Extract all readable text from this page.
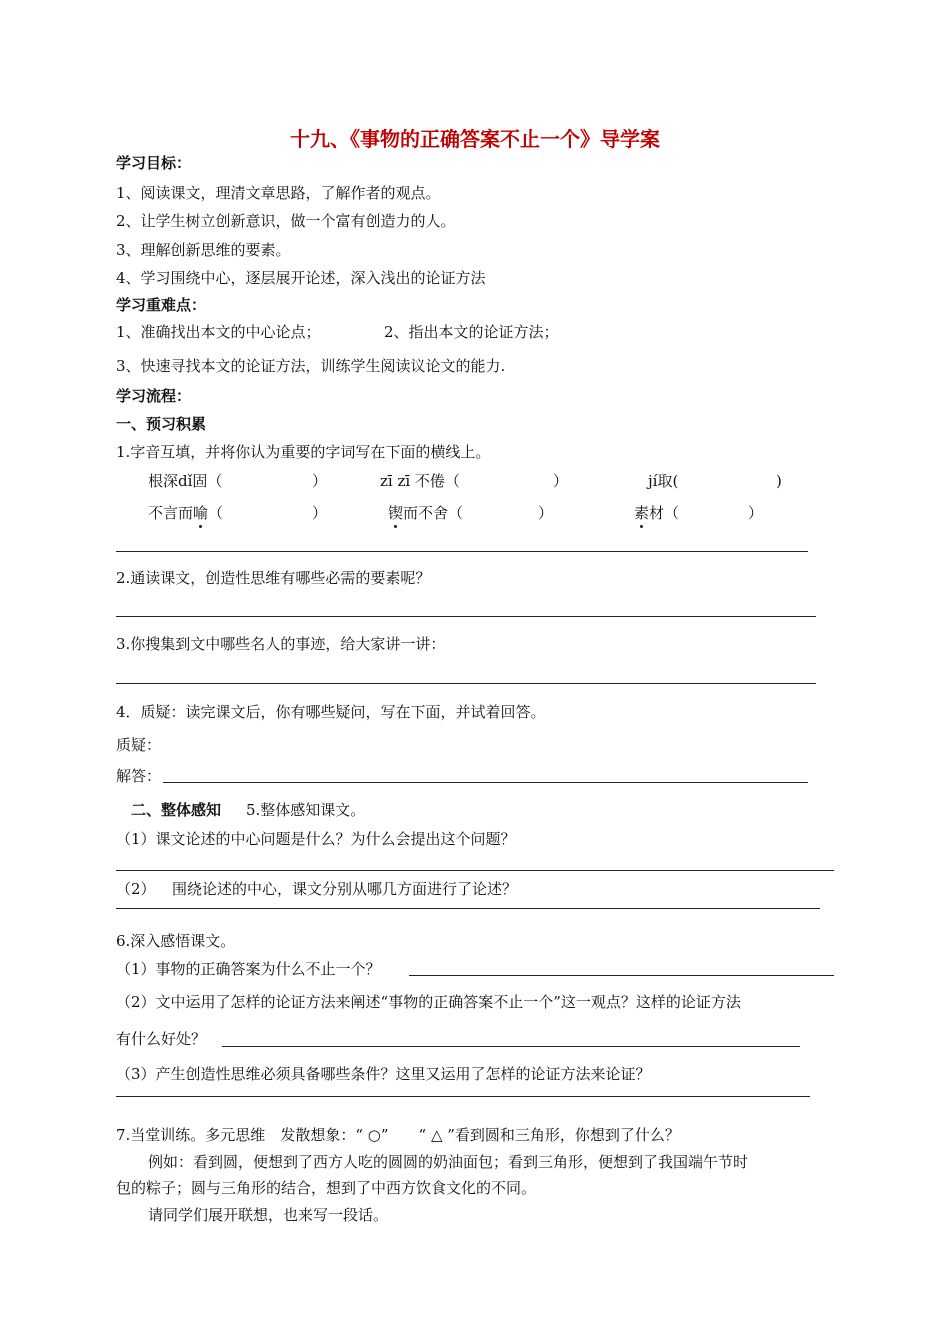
十九、《事物的正确答案不止一个》导学案
学习目标：
1、阅读课文，理清文章思路，了解作者的观点。
2、让学生树立创新意识，做一个富有创造力的人。
3、理解创新思维的要素。
4、学习围绕中心，逐层展开论述，深入浅出的论证方法
学习重难点：
1、准确找出本文的中心论点；	2、指出本文的论证方法；
3、快速寻找本文的论证方法，训练学生阅读议论文的能力.
学习流程：
一、预习积累
1.字音互填，并将你认为重要的字词写在下面的横线上。
根深dǐ固（	）	zī zī 不倦（	）	jí取(	)
不言而喻（	）	锲而不舍（	）	素材（	）
2.通读课文，创造性思维有哪些必需的要素呢？
3.你搜集到文中哪些名人的事迹，给大家讲一讲：
4．质疑：读完课文后，你有哪些疑问，写在下面，并试着回答。
质疑：
解答：
二、整体感知 5.整体感知课文。
（1）课文论述的中心问题是什么？为什么会提出这个问题？
（2） 围绕论述的中心，课文分别从哪几方面进行了论述？
6.深入感悟课文。
（1）事物的正确答案为什么不止一个？
（2）文中运用了怎样的论证方法来阐述“事物的正确答案不止一个”这一观点？这样的论证方法
有什么好处？
（3）产生创造性思维必须具备哪些条件？这里又运用了怎样的论证方法来论证？
7.当堂训练。多元思维　发散想象：“ ○”　　“ △ ”看到圆和三角形，你想到了什么？
例如：看到圆，便想到了西方人吃的圆圆的奶油面包；看到三角形，便想到了我国端午节时
包的粽子；圆与三角形的结合，想到了中西方饮食文化的不同。
请同学们展开联想，也来写一段话。
